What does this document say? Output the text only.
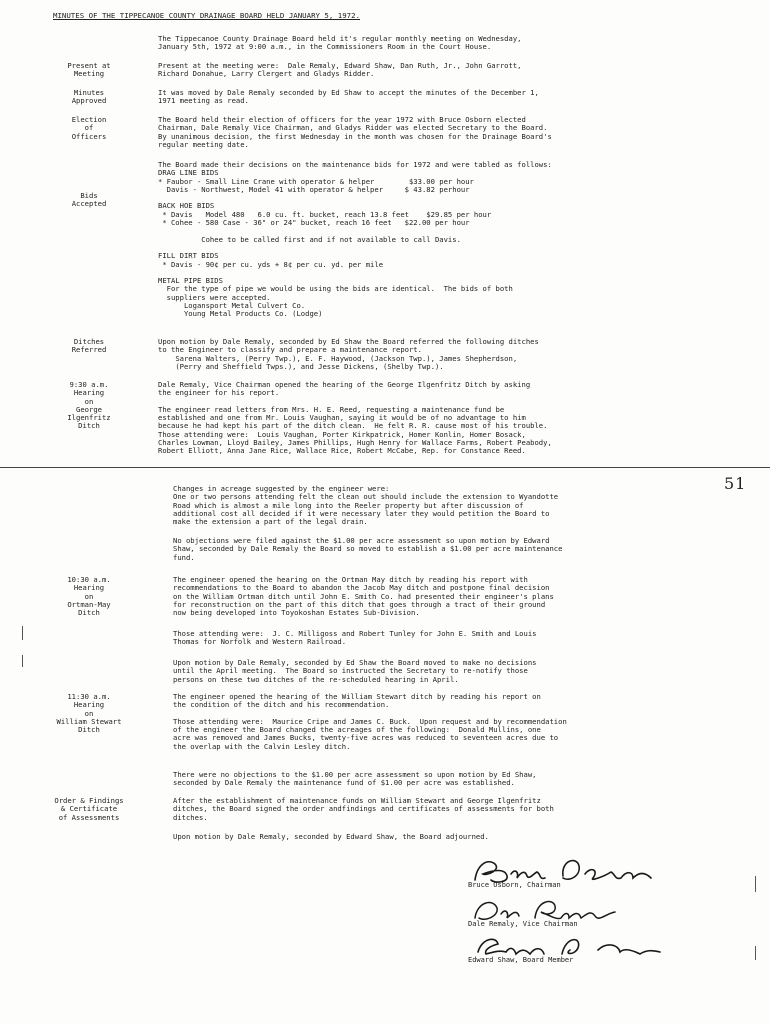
MINUTES OF THE TIPPECANOE COUNTY DRAINAGE BOARD HELD JANUARY 5, 1972.
The Tippecanoe County Drainage Board held it's regular monthly meeting on Wednesday,
January 5th, 1972 at 9:00 a.m., in the Commissioners Room in the Court House.
Present at
Meeting
Present at the meeting were:  Dale Remaly, Edward Shaw, Dan Ruth, Jr., John Garrott,
Richard Donahue, Larry Clergert and Gladys Ridder.
Minutes
Approved
It was moved by Dale Remaly seconded by Ed Shaw to accept the minutes of the December 1,
1971 meeting as read.
Election
of
Officers
The Board held their election of officers for the year 1972 with Bruce Osborn elected
Chairman, Dale Remaly Vice Chairman, and Gladys Ridder was elected Secretary to the Board.
By unanimous decision, the first Wednesday in the month was chosen for the Drainage Board's
regular meeting date.
Bids
Accepted
The Board made their decisions on the maintenance bids for 1972 and were tabled as follows:
DRAG LINE BIDS
* Faubor - Small Line Crane with operator & helper        $33.00 per hour
Davis - Northwest, Model 41 with operator & helper     $ 43.82 perhour

BACK HOE BIDS
* Davis   Model 480   6.0 cu. ft. bucket, reach 13.8 feet    $29.85 per hour
* Cohee - 580 Case - 36" or 24" bucket, reach 16 feet   $22.00 per hour

Cohee to be called first and if not available to call Davis.

FILL DIRT BIDS
* Davis - 90¢ per cu. yds + 8¢ per cu. yd. per mile

METAL PIPE BIDS
For the type of pipe we would be using the bids are identical.  The bids of both
suppliers were accepted.
Logansport Metal Culvert Co.
Young Metal Products Co. (Lodge)
Ditches
Referred
Upon motion by Dale Remaly, seconded by Ed Shaw the Board referred the following ditches
to the Engineer to classify and prepare a maintenance report.
Sarena Walters, (Perry Twp.), E. F. Haywood, (Jackson Twp.), James Shepherdson,
(Perry and Sheffield Twps.), and Jesse Dickens, (Shelby Twp.).
9:30 a.m.
Hearing
on
George
Ilgenfritz
Ditch
Dale Remaly, Vice Chairman opened the hearing of the George Ilgenfritz Ditch by asking
the engineer for his report.

The engineer read letters from Mrs. H. E. Reed, requesting a maintenance fund be
established and one from Mr. Louis Vaughan, saying it would be of no advantage to him
because he had kept his part of the ditch clean.  He felt R. R. cause most of his trouble.
Those attending were:  Louis Vaughan, Porter Kirkpatrick, Homer Konlin, Homer Bosack,
Charles Lowman, Lloyd Bailey, James Phillips, Hugh Henry for Wallace Farms, Robert Peabody,
Robert Elliott, Anna Jane Rice, Wallace Rice, Robert McCabe, Rep. for Constance Reed.
51
Changes in acreage suggested by the engineer were:
One or two persons attending felt the clean out should include the extension to Wyandotte
Road which is almost a mile long into the Reeler property but after discussion of
additional cost all decided if it were necessary later they would petition the Board to
make the extension a part of the legal drain.
No objections were filed against the $1.00 per acre assessment so upon motion by Edward
Shaw, seconded by Dale Remaly the Board so moved to establish a $1.00 per acre maintenance
fund.
10:30 a.m.
Hearing
on
Ortman-May
Ditch
The engineer opened the hearing on the Ortman May ditch by reading his report with
recommendations to the Board to abandon the Jacob May ditch and postpone final decision
on the William Ortman ditch until John E. Smith Co. had presented their engineer's plans
for reconstruction on the part of this ditch that goes through a tract of their ground
now being developed into Toyokoshan Estates Sub-Division.
Those attending were:  J. C. Milligoss and Robert Tunley for John E. Smith and Louis
Thomas for Norfolk and Western Railroad.
Upon motion by Dale Remaly, seconded by Ed Shaw the Board moved to make no decisions
until the April meeting.  The Board so instructed the Secretary to re-notify those
persons on these two ditches of the re-scheduled hearing in April.
11:30 a.m.
Hearing
on
William Stewart
Ditch
The engineer opened the hearing of the William Stewart ditch by reading his report on
the condition of the ditch and his recommendation.

Those attending were:  Maurice Cripe and James C. Buck.  Upon request and by recommendation
of the engineer the Board changed the acreages of the following:  Donald Mullins, one
acre was removed and James Bucks, twenty-five acres was reduced to seventeen acres due to
the overlap with the Calvin Lesley ditch.
There were no objections to the $1.00 per acre assessment so upon motion by Ed Shaw,
seconded by Dale Remaly the maintenance fund of $1.00 per acre was established.
Order & Findings
& Certificate
of Assessments
After the establishment of maintenance funds on William Stewart and George Ilgenfritz
ditches, the Board signed the order andfindings and certificates of assessments for both
ditches.
Upon motion by Dale Remaly, seconded by Edward Shaw, the Board adjourned.
Bruce Osborn, Chairman
Dale Remaly, Vice Chairman
Edward Shaw, Board Member
